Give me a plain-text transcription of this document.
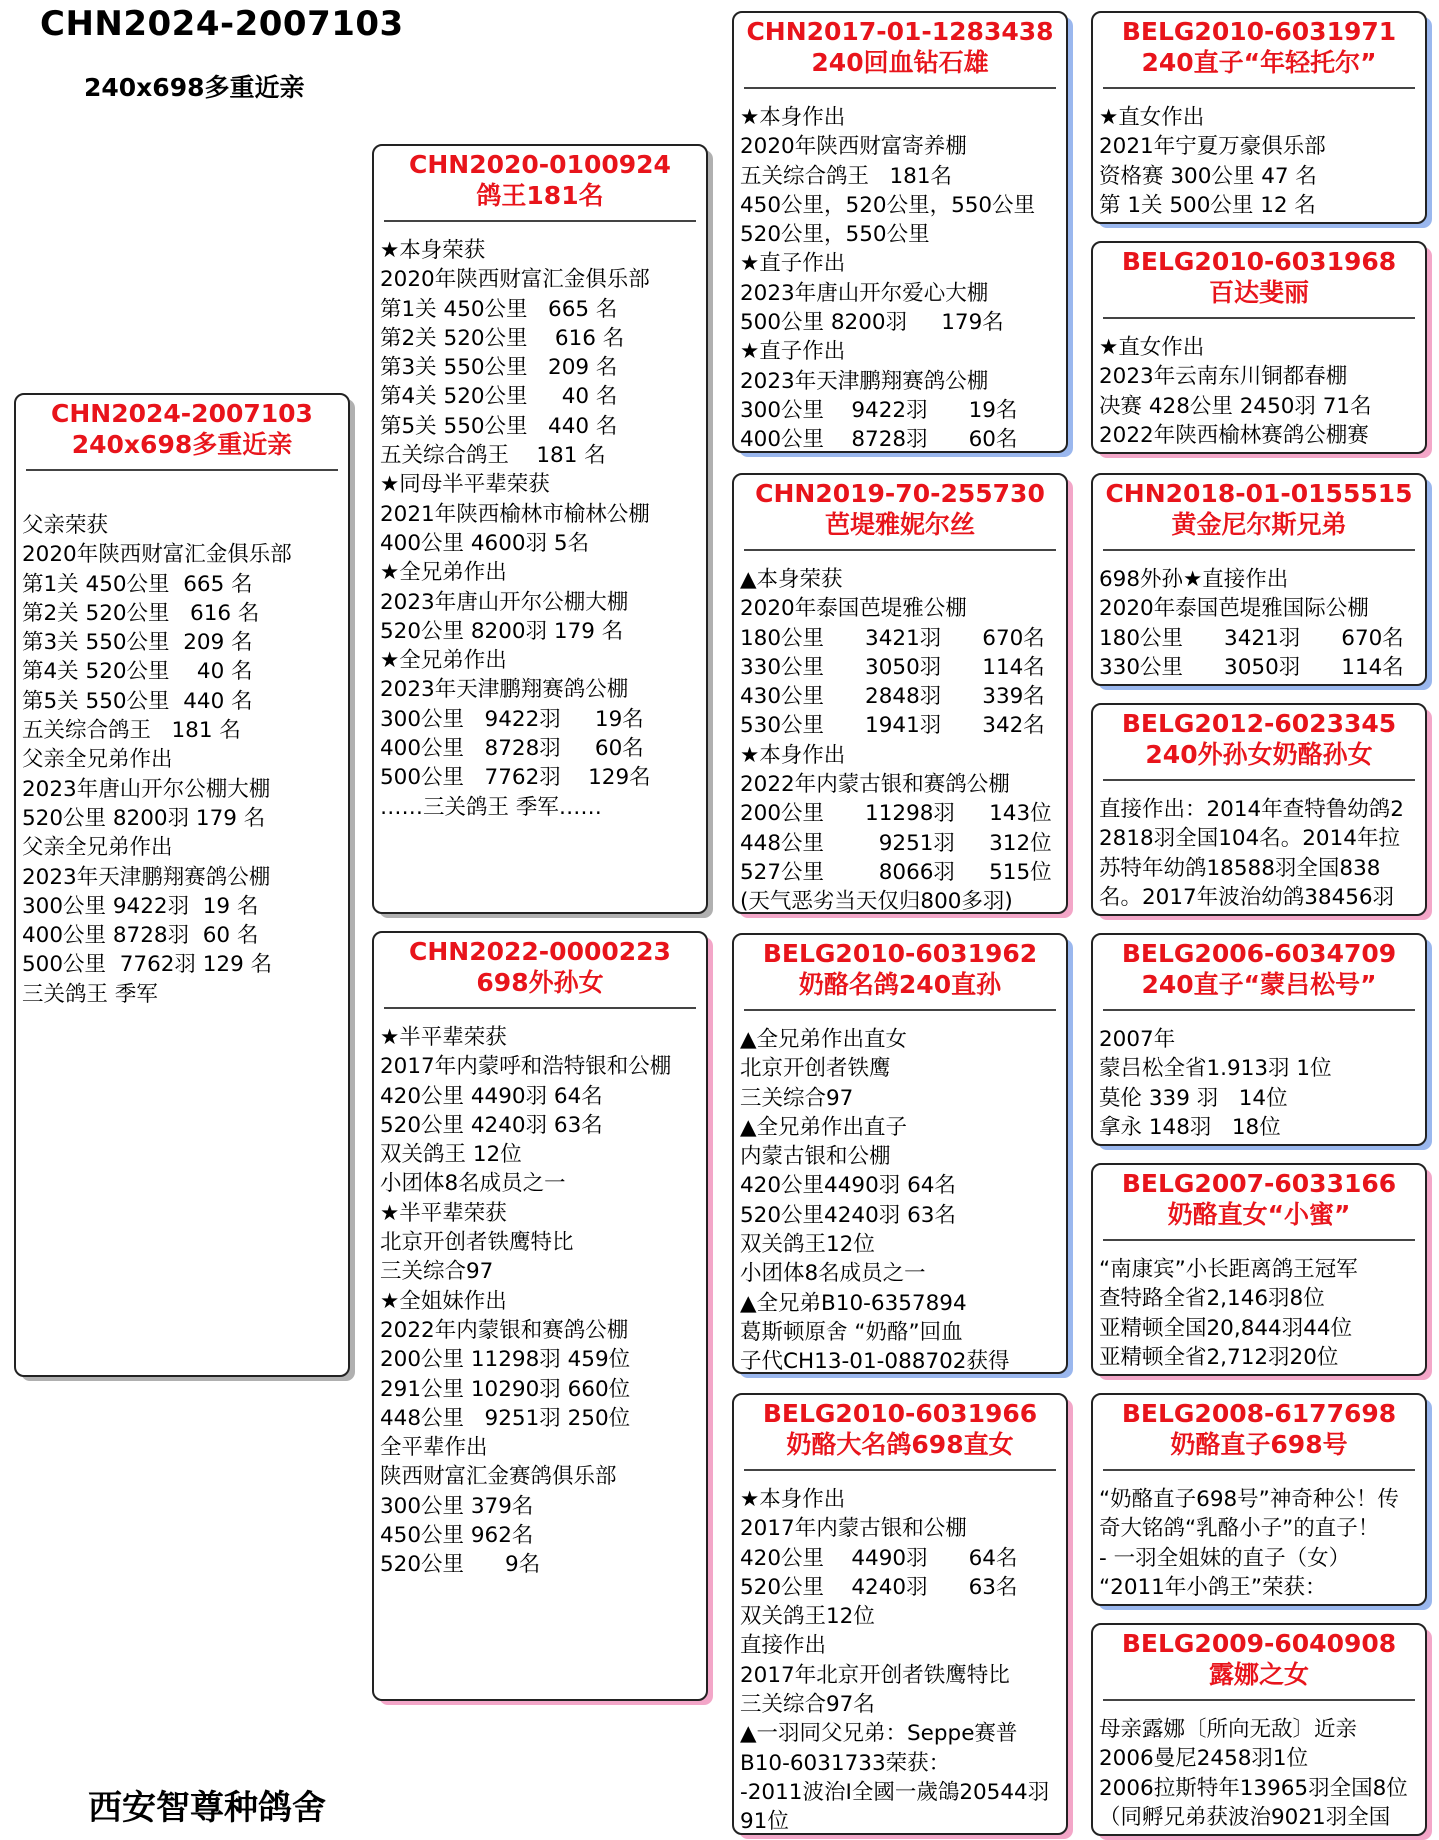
CHN2024-2007103
240x698多重近亲
西安智尊种鸽舍
CHN2024-2007103
240x698多重近亲
父亲荣获
2020年陕西财富汇金俱乐部
第1关 450公里  665 名
第2关 520公里   616 名
第3关 550公里  209 名
第4关 520公里    40 名
第5关 550公里  440 名
五关综合鸽王   181 名
父亲全兄弟作出
2023年唐山开尔公棚大棚
520公里 8200羽 179 名
父亲全兄弟作出
2023年天津鹏翔赛鸽公棚
300公里 9422羽  19 名
400公里 8728羽  60 名
500公里  7762羽 129 名
三关鸽王 季军
CHN2020-0100924
鸽王181名
★本身荣获
2020年陕西财富汇金俱乐部
第1关 450公里   665 名
第2关 520公里    616 名
第3关 550公里   209 名
第4关 520公里     40 名
第5关 550公里   440 名
五关综合鸽王    181 名
★同母半平辈荣获
2021年陕西榆林市榆林公棚
400公里 4600羽 5名
★全兄弟作出
2023年唐山开尔公棚大棚
520公里 8200羽 179 名
★全兄弟作出
2023年天津鹏翔赛鸽公棚
300公里   9422羽     19名
400公里   8728羽     60名
500公里   7762羽    129名
……三关鸽王 季军……
CHN2022-0000223
698外孙女
★半平辈荣获
2017年内蒙呼和浩特银和公棚
420公里 4490羽 64名
520公里 4240羽 63名
双关鸽王 12位
小团体8名成员之一
★半平辈荣获
北京开创者铁鹰特比
三关综合97
★全姐妹作出
2022年内蒙银和赛鸽公棚
200公里 11298羽 459位
291公里 10290羽 660位
448公里   9251羽 250位
全平辈作出
陕西财富汇金赛鸽俱乐部
300公里 379名
450公里 962名
520公里      9名
CHN2017-01-1283438
240回血钻石雄
★本身作出
2020年陕西财富寄养棚
五关综合鸽王   181名
450公里，520公里，550公里
520公里，550公里
★直子作出
2023年唐山开尔爱心大棚
500公里 8200羽     179名
★直子作出
2023年天津鹏翔赛鸽公棚
300公里    9422羽      19名
400公里    8728羽      60名
CHN2019-70-255730
芭堤雅妮尔丝
▲本身荣获
2020年泰国芭堤雅公棚
180公里      3421羽      670名
330公里      3050羽      114名
430公里      2848羽      339名
530公里      1941羽      342名
★本身作出
2022年内蒙古银和赛鸽公棚
200公里      11298羽     143位
448公里        9251羽     312位
527公里        8066羽     515位
(天气恶劣当天仅归800多羽)
BELG2010-6031962
奶酪名鸽240直孙
▲全兄弟作出直女
北京开创者铁鹰
三关综合97
▲全兄弟作出直子
内蒙古银和公棚
420公里4490羽 64名
520公里4240羽 63名
双关鸽王12位
小团体8名成员之一
▲全兄弟B10-6357894
葛斯顿原舍 “奶酪”回血
子代CH13-01-088702获得
BELG2010-6031966
奶酪大名鸽698直女
★本身作出
2017年内蒙古银和公棚
420公里    4490羽      64名
520公里    4240羽      63名
双关鸽王12位
直接作出
2017年北京开创者铁鹰特比
三关综合97名
▲一羽同父兄弟：Seppe赛普
B10-6031733荣获：
-2011波治I全國一歲鴿20544羽
91位
BELG2010-6031971
240直子“年轻托尔”
★直女作出
2021年宁夏万豪俱乐部
资格赛 300公里 47 名
第 1关 500公里 12 名
BELG2010-6031968
百达斐丽
★直女作出
2023年云南东川铜都春棚
决赛 428公里 2450羽 71名
2022年陕西榆林赛鸽公棚赛
CHN2018-01-0155515
黄金尼尔斯兄弟
698外孙★直接作出
2020年泰国芭堤雅国际公棚
180公里      3421羽      670名
330公里      3050羽      114名
BELG2012-6023345
240外孙女奶酪孙女
直接作出：2014年查特鲁幼鸽22818羽全国104名。2014年拉苏特年幼鸽18588羽全国838名。2017年波治幼鸽38456羽
BELG2006-6034709
240直子“蒙吕松号”
2007年
蒙吕松全省1.913羽 1位
莫伦 339 羽   14位
拿永 148羽   18位
BELG2007-6033166
奶酪直女“小蜜”
“南康宾”小长距离鸽王冠军
查特路全省2,146羽8位
亚精顿全国20,844羽44位
亚精顿全省2,712羽20位
BELG2008-6177698
奶酪直子698号
“奶酪直子698号”神奇种公！传奇大铭鸽“乳酪小子”的直子！
- 一羽全姐妹的直子（女）
“2011年小鸽王”荣获：
BELG2009-6040908
露娜之女
母亲露娜〔所向无敌〕近亲
2006曼尼2458羽1位
2006拉斯特年13965羽全国8位
（同孵兄弟获波治9021羽全国
